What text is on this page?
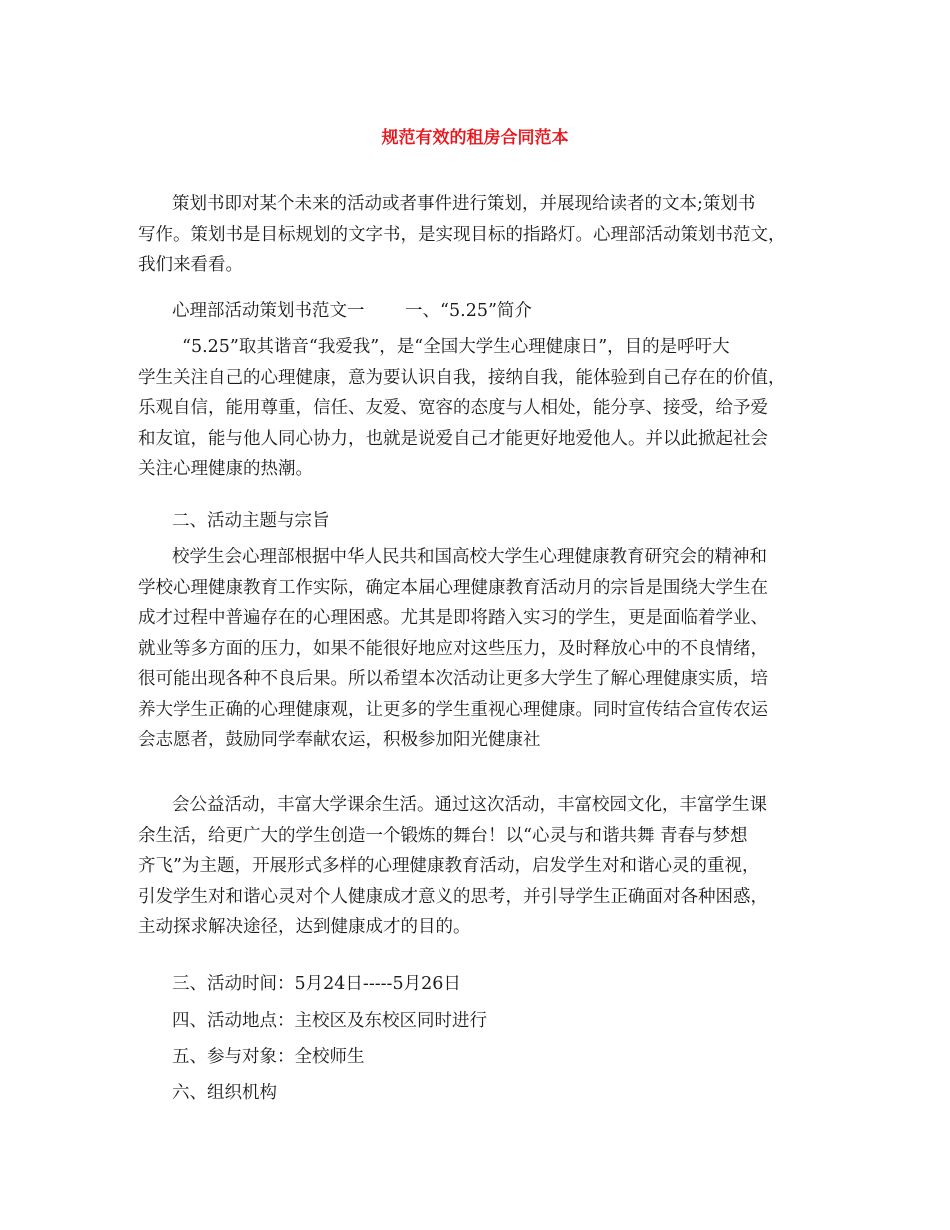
规范有效的租房合同范本
策划书即对某个未来的活动或者事件进行策划，并展现给读者的文本;策划书
写作。策划书是目标规划的文字书，是实现目标的指路灯。心理部活动策划书范文，
我们来看看。
心理部活动策划书范文一　　 一、“5.25”简介
“5.25”取其谐音“我爱我”，是“全国大学生心理健康日”，目的是呼吁大
学生关注自己的心理健康，意为要认识自我，接纳自我，能体验到自己存在的价值，
乐观自信，能用尊重，信任、友爱、宽容的态度与人相处，能分享、接受，给予爱
和友谊，能与他人同心协力，也就是说爱自己才能更好地爱他人。并以此掀起社会
关注心理健康的热潮。
二、活动主题与宗旨
校学生会心理部根据中华人民共和国高校大学生心理健康教育研究会的精神和
学校心理健康教育工作实际，确定本届心理健康教育活动月的宗旨是围绕大学生在
成才过程中普遍存在的心理困惑。尤其是即将踏入实习的学生，更是面临着学业、
就业等多方面的压力，如果不能很好地应对这些压力，及时释放心中的不良情绪，
很可能出现各种不良后果。所以希望本次活动让更多大学生了解心理健康实质，培
养大学生正确的心理健康观，让更多的学生重视心理健康。同时宣传结合宣传农运
会志愿者，鼓励同学奉献农运，积极参加阳光健康社
会公益活动，丰富大学课余生活。通过这次活动，丰富校园文化，丰富学生课
余生活，给更广大的学生创造一个锻炼的舞台！以“心灵与和谐共舞 青春与梦想
齐飞”为主题，开展形式多样的心理健康教育活动，启发学生对和谐心灵的重视，
引发学生对和谐心灵对个人健康成才意义的思考，并引导学生正确面对各种困惑，
主动探求解决途径，达到健康成才的目的。
三、活动时间：5月24日-----5月26日
四、活动地点：主校区及东校区同时进行
五、参与对象：全校师生
六、组织机构
